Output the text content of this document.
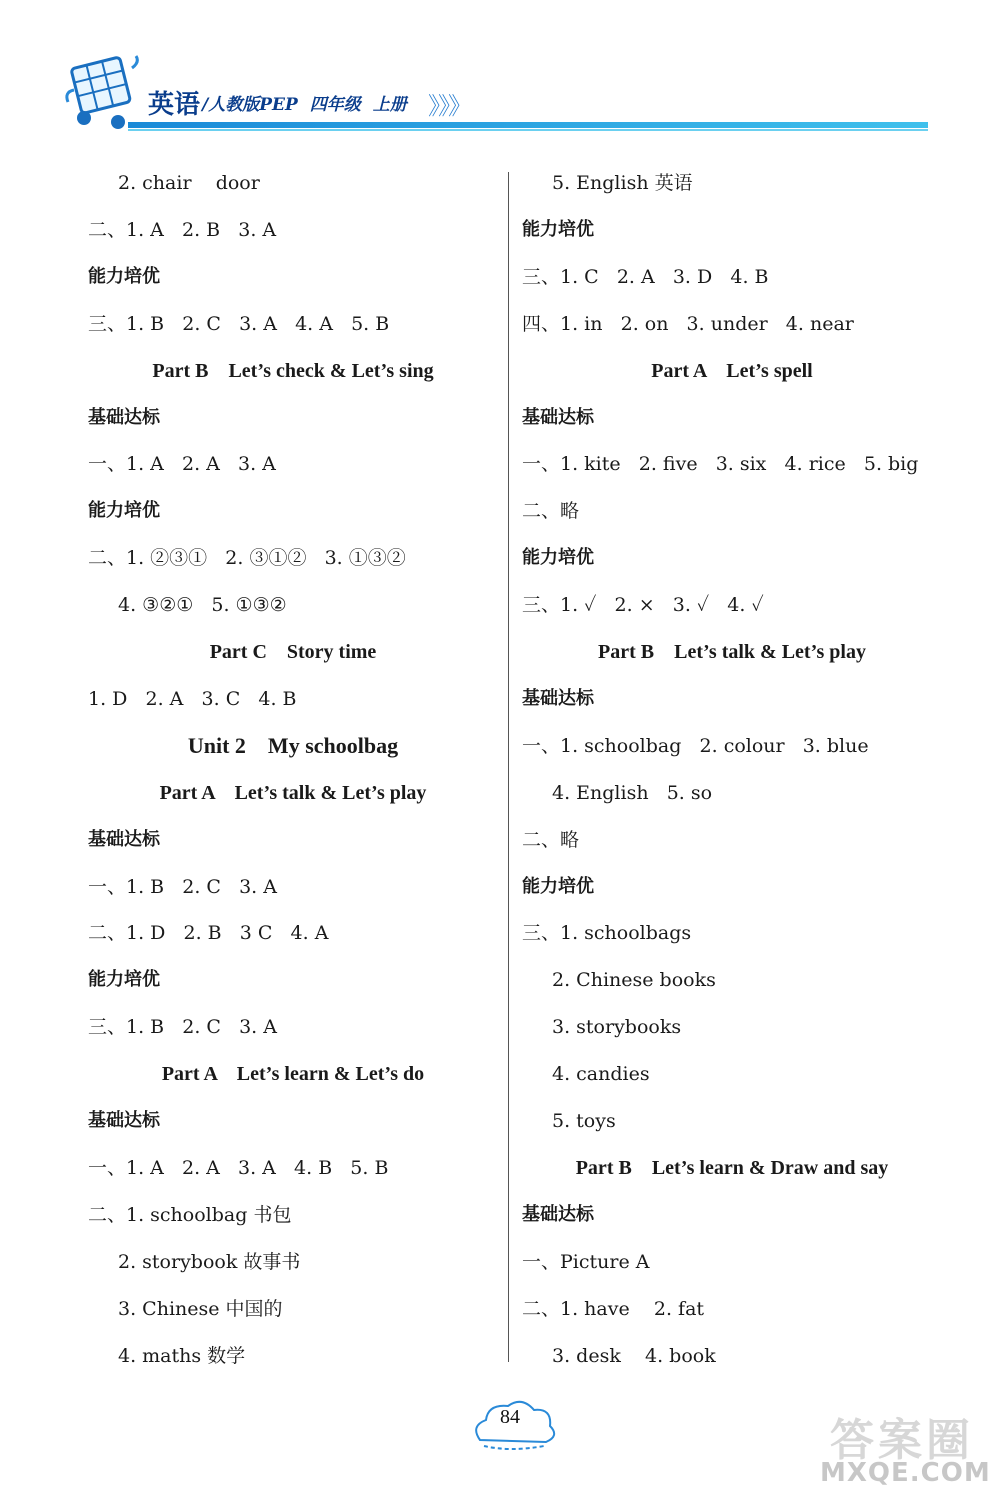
英语 /人教版PEP 四年级 上册 》》》
2. chair    door
二、1. A   2. B   3. A
能力培优
三、1. B   2. C   3. A   4. A   5. B
Part B    Let’s check & Let’s sing
基础达标
一、1. A   2. A   3. A
能力培优
二、1. ②③①   2. ③①②   3. ①③②
4. ③②①   5. ①③②
Part C    Story time
1. D   2. A   3. C   4. B
Unit 2    My schoolbag
Part A    Let’s talk & Let’s play
基础达标
一、1. B   2. C   3. A
二、1. D   2. B   3 C   4. A
能力培优
三、1. B   2. C   3. A
Part A    Let’s learn & Let’s do
基础达标
一、1. A   2. A   3. A   4. B   5. B
二、1. schoolbag 书包
2. storybook 故事书
3. Chinese 中国的
4. maths 数学
5. English 英语
能力培优
三、1. C   2. A   3. D   4. B
四、1. in   2. on   3. under   4. near
Part A    Let’s spell
基础达标
一、1. kite   2. five   3. six   4. rice   5. big
二、略
能力培优
三、1. ✓   2. ×   3. ✓   4. ✓
Part B    Let’s talk & Let’s play
基础达标
一、1. schoolbag   2. colour   3. blue
4. English   5. so
二、略
能力培优
三、1. schoolbags
2. Chinese books
3. storybooks
4. candies
5. toys
Part B    Let’s learn & Draw and say
基础达标
一、Picture A
二、1. have    2. fat
3. desk    4. book
84	答案圈
MXQE.COM
